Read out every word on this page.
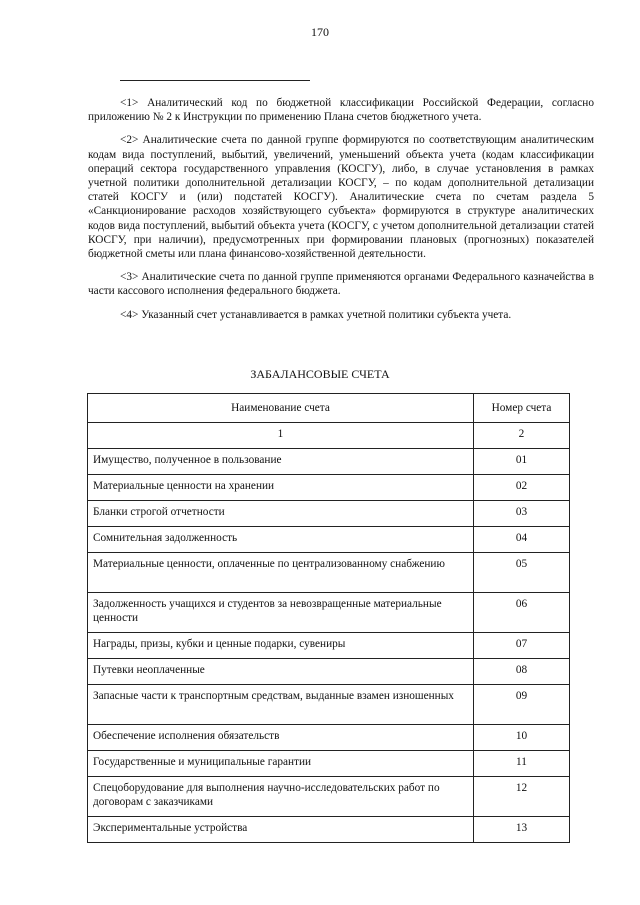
170

<1> Аналитический код по бюджетной классификации Российской Федерации, согласно приложению № 2 к Инструкции по применению Плана счетов бюджетного учета.

<2> Аналитические счета по данной группе формируются по соответствующим аналитическим кодам вида поступлений, выбытий, увеличений, уменьшений объекта учета (кодам классификации операций сектора государственного управления (КОСГУ), либо, в случае установления в рамках учетной политики дополнительной детализации КОСГУ, – по кодам дополнительной детализации статей КОСГУ и (или) подстатей КОСГУ). Аналитические счета по счетам раздела 5 «Санкционирование расходов хозяйствующего субъекта» формируются в структуре аналитических кодов вида поступлений, выбытий объекта учета (КОСГУ, с учетом дополнительной детализации статей КОСГУ, при наличии), предусмотренных при формировании плановых (прогнозных) показателей бюджетной сметы или плана финансово-хозяйственной деятельности.

<3> Аналитические счета по данной группе применяются органами Федерального казначейства в части кассового исполнения федерального бюджета.

<4> Указанный счет устанавливается в рамках учетной политики субъекта учета.

ЗАБАЛАНСОВЫЕ СЧЕТА
Наименование счета	Номер счета
1	2
Имущество, полученное в пользование	01
Материальные ценности на хранении	02
Бланки строгой отчетности	03
Сомнительная задолженность	04
Материальные ценности, оплаченные по централизованному снабжению	05
Задолженность учащихся и студентов за невозвращенные материальные ценности	06
Награды, призы, кубки и ценные подарки, сувениры	07
Путевки неоплаченные	08
Запасные части к транспортным средствам, выданные взамен изношенных	09
Обеспечение исполнения обязательств	10
Государственные и муниципальные гарантии	11
Спецоборудование для выполнения научно-исследовательских работ по договорам с заказчиками	12
Экспериментальные устройства	13
